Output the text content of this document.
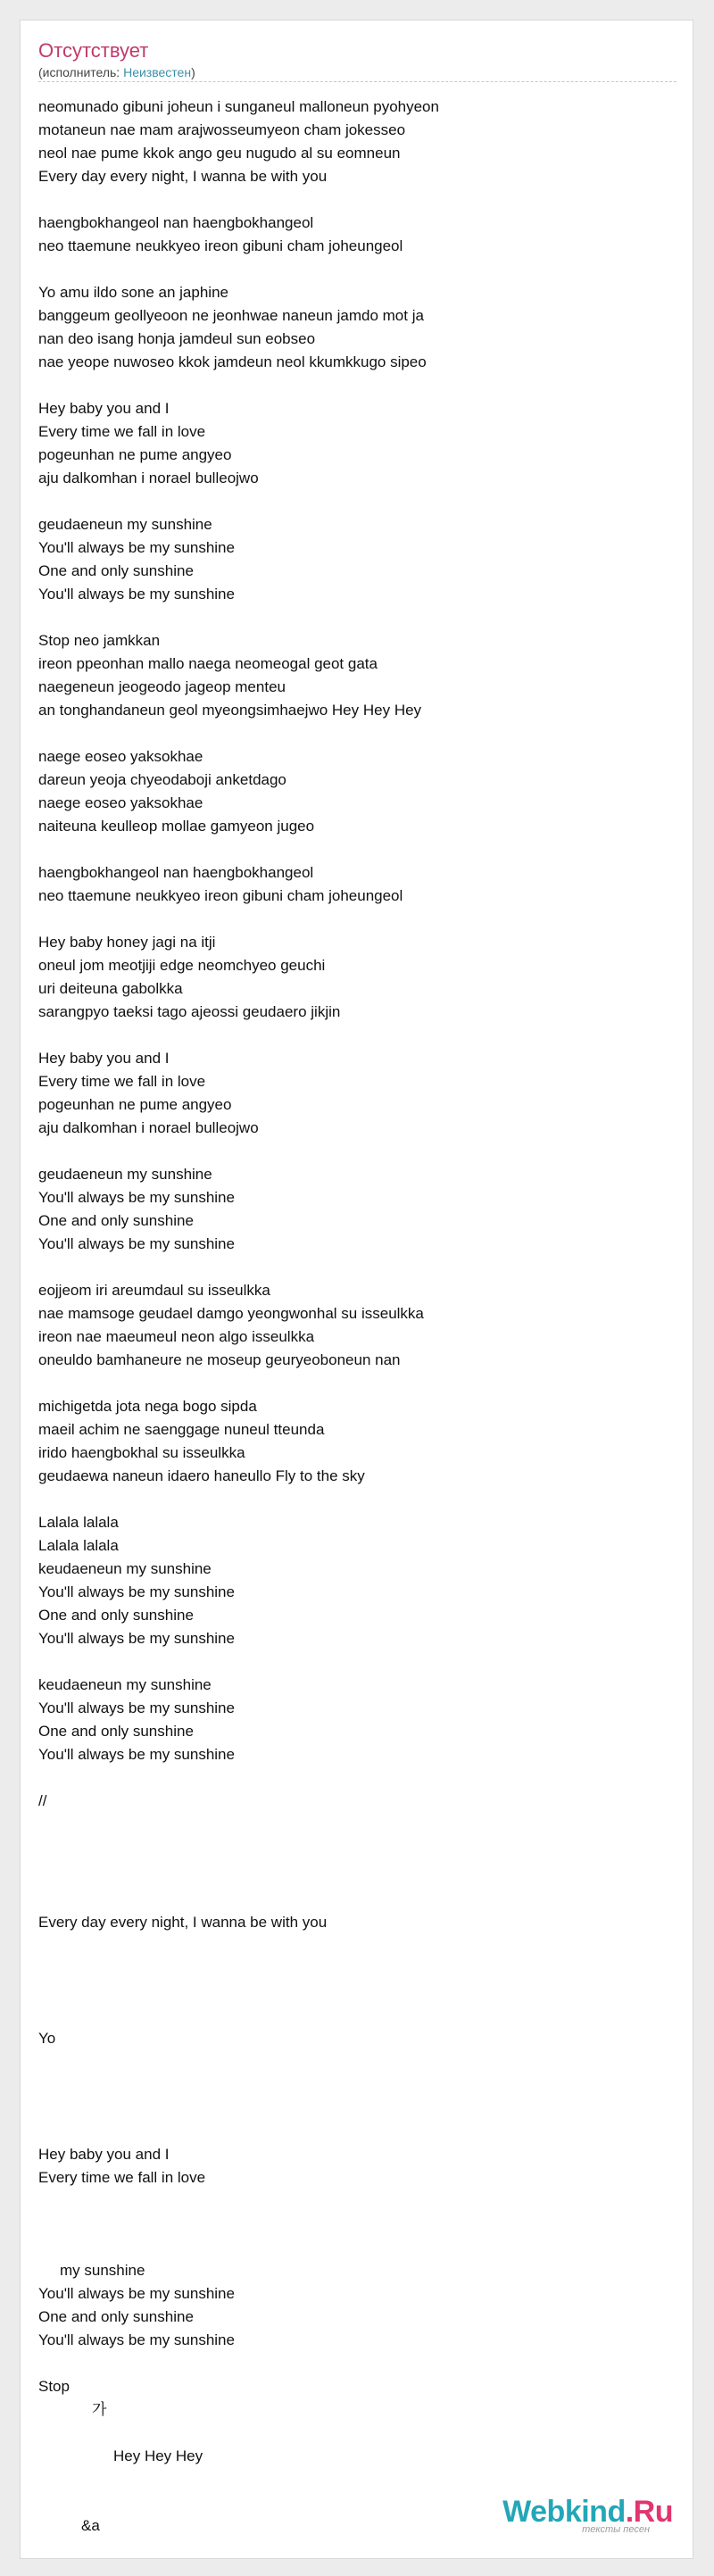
Отсутствует
(исполнитель: Неизвестен)
neomunado gibuni joheun i sunganeul malloneun pyohyeon
motaneun nae mam arajwosseumyeon cham jokesseo
neol nae pume kkok ango geu nugudo al su eomneun
Every day every night, I wanna be with you
haengbokhangeol nan haengbokhangeol
neo ttaemune neukkyeo ireon gibuni cham joheungeol
Yo amu ildo sone an japhine
banggeum geollyeoon ne jeonhwae naneun jamdo mot ja
nan deo isang honja jamdeul sun eobseo
nae yeope nuwoseo kkok jamdeun neol kkumkkugo sipeo
Hey baby you and I
Every time we fall in love
pogeunhan ne pume angyeo
aju dalkomhan i norael bulleojwo
geudaeneun my sunshine
You'll always be my sunshine
One and only sunshine
You'll always be my sunshine
Stop neo jamkkan
ireon ppeonhan mallo naega neomeogal geot gata
naegeneun jeogeodo jageop menteu
an tonghandaneun geol myeongsimhaejwo Hey Hey Hey
naege eoseo yaksokhae
dareun yeoja chyeodaboji anketdago
naege eoseo yaksokhae
naiteuna keulleop mollae gamyeon jugeo
haengbokhangeol nan haengbokhangeol
neo ttaemune neukkyeo ireon gibuni cham joheungeol
Hey baby honey jagi na itji
oneul jom meotjiji edge neomchyeo geuchi
uri deiteuna gabolkka
sarangpyo taeksi tago ajeossi geudaero jikjin
Hey baby you and I
Every time we fall in love
pogeunhan ne pume angyeo
aju dalkomhan i norael bulleojwo
geudaeneun my sunshine
You'll always be my sunshine
One and only sunshine
You'll always be my sunshine
eojjeom iri areumdaul su isseulkka
nae mamsoge geudael damgo yeongwonhal su isseulkka
ireon nae maeumeul neon algo isseulkka
oneuldo bamhaneure ne moseup geuryeoboneun nan
michigetda jota nega bogo sipda
maeil achim ne saenggage nuneul tteunda
irido haengbokhal su isseulkka
geudaewa naneun idaero haneullo Fly to the sky
Lalala lalala
Lalala lalala
keudaeneun my sunshine
You'll always be my sunshine
One and only sunshine
You'll always be my sunshine
keudaeneun my sunshine
You'll always be my sunshine
One and only sunshine
You'll always be my sunshine
//
Every day every night, I wanna be with you
Yo
Hey baby you and I
Every time we fall in love
my sunshine
You'll always be my sunshine
One and only sunshine
You'll always be my sunshine
Stop
가
Hey Hey Hey
&a	Webkind.Ru
тексты песен
